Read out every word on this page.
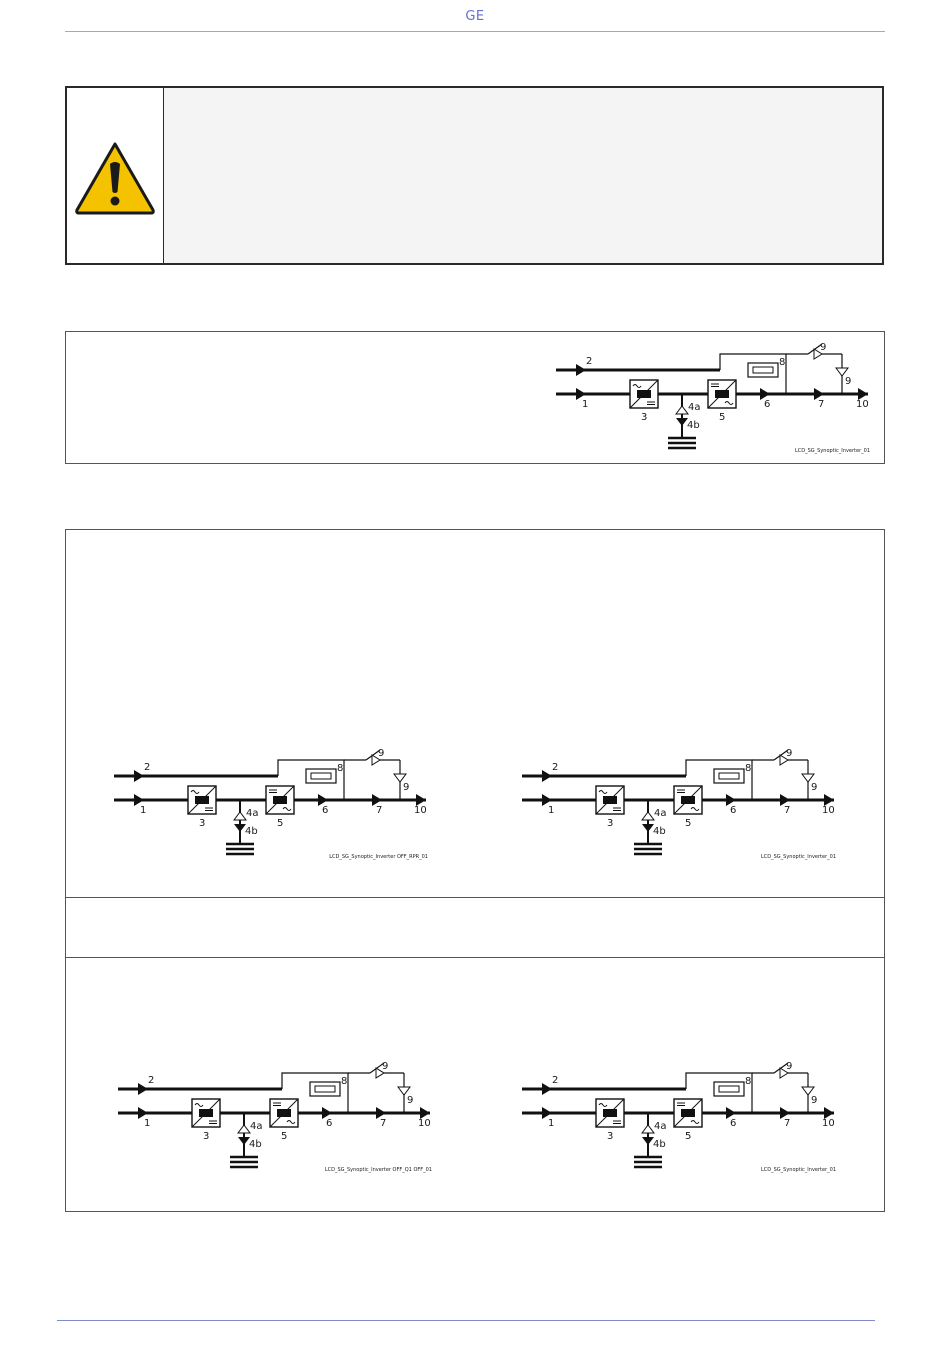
GE
2
1
3
4a
4b
5
8
9
9
6	7	10
LCD_SG_Synoptic_Inverter_01
2
1
3
4a
4b
5
8
9
9
6	7	10
LCD_SG_Synoptic_Inverter OFF_RPR_01
2
1
3
4a
4b
5
8
9
9
6	7	10
LCD_SG_Synoptic_Inverter_01
2
1
3
4a
4b
5
8
9
9
6	7	10
LCD_SG_Synoptic_Inverter OFF_Q1 OFF_01
2
1
3
4a
4b
5
8
9
9
6	7	10
LCD_SG_Synoptic_Inverter_01
